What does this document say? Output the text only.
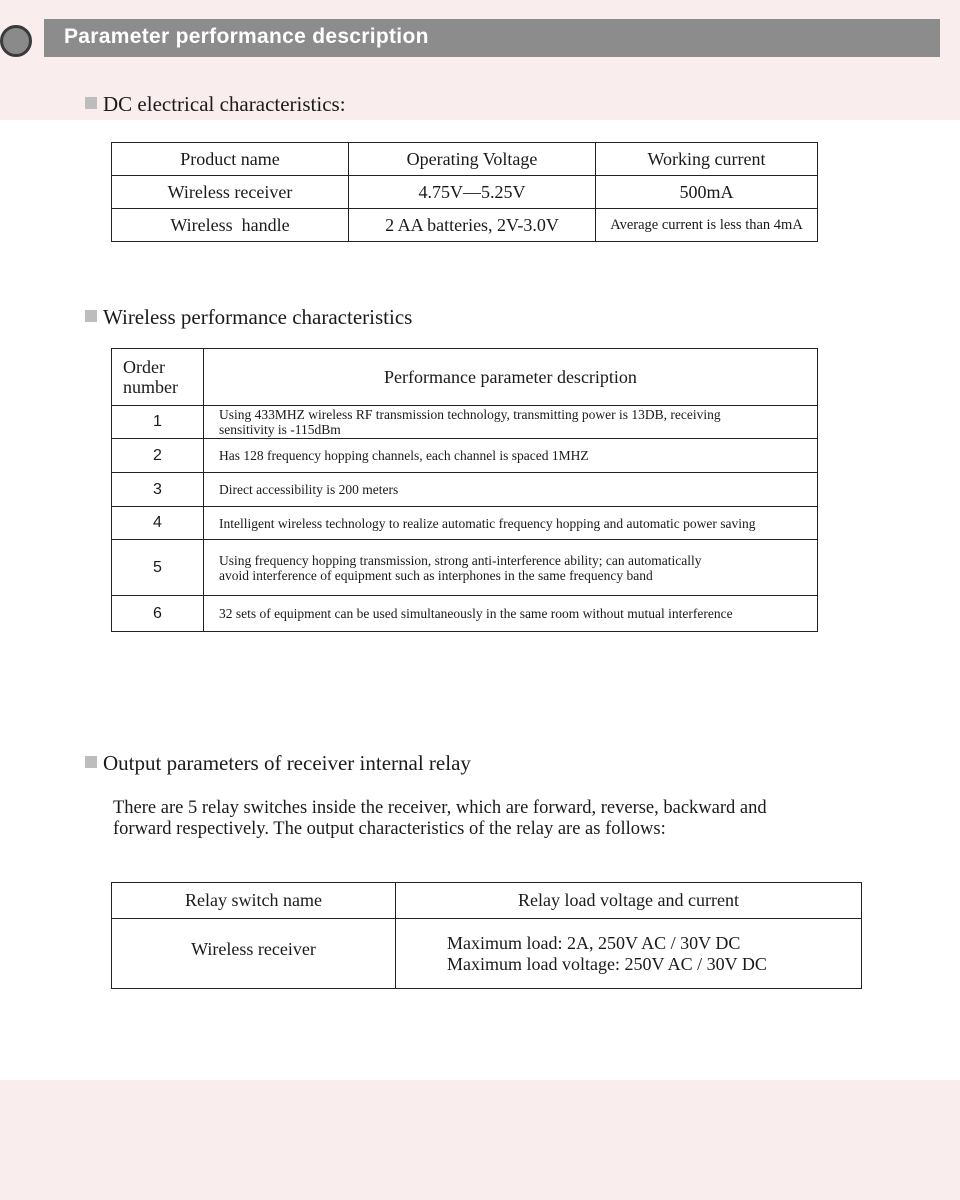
Parameter performance description
DC electrical characteristics:
Product name	Operating Voltage	Working current
Wireless receiver	4.75V—5.25V	500mA
Wireless  handle	2 AA batteries, 2V-3.0V	Average current is less than 4mA
Wireless performance characteristics
Order
number	Performance parameter description
1	Using 433MHZ wireless RF transmission technology, transmitting power is 13DB, receiving
sensitivity is -115dBm

2	Has 128 frequency hopping channels, each channel is spaced 1MHZ

3	Direct accessibility is 200 meters

4	Intelligent wireless technology to realize automatic frequency hopping and automatic power saving

5	Using frequency hopping transmission, strong anti-interference ability; can automatically
avoid interference of equipment such as interphones in the same frequency band

6	32 sets of equipment can be used simultaneously in the same room without mutual interference
Output parameters of receiver internal relay
There are 5 relay switches inside the receiver, which are forward, reverse, backward and
forward respectively. The output characteristics of the relay are as follows:
Relay switch name	Relay load voltage and current
Wireless receiver	Maximum load: 2A, 250V AC / 30V DC
Maximum load voltage: 250V AC / 30V DC
